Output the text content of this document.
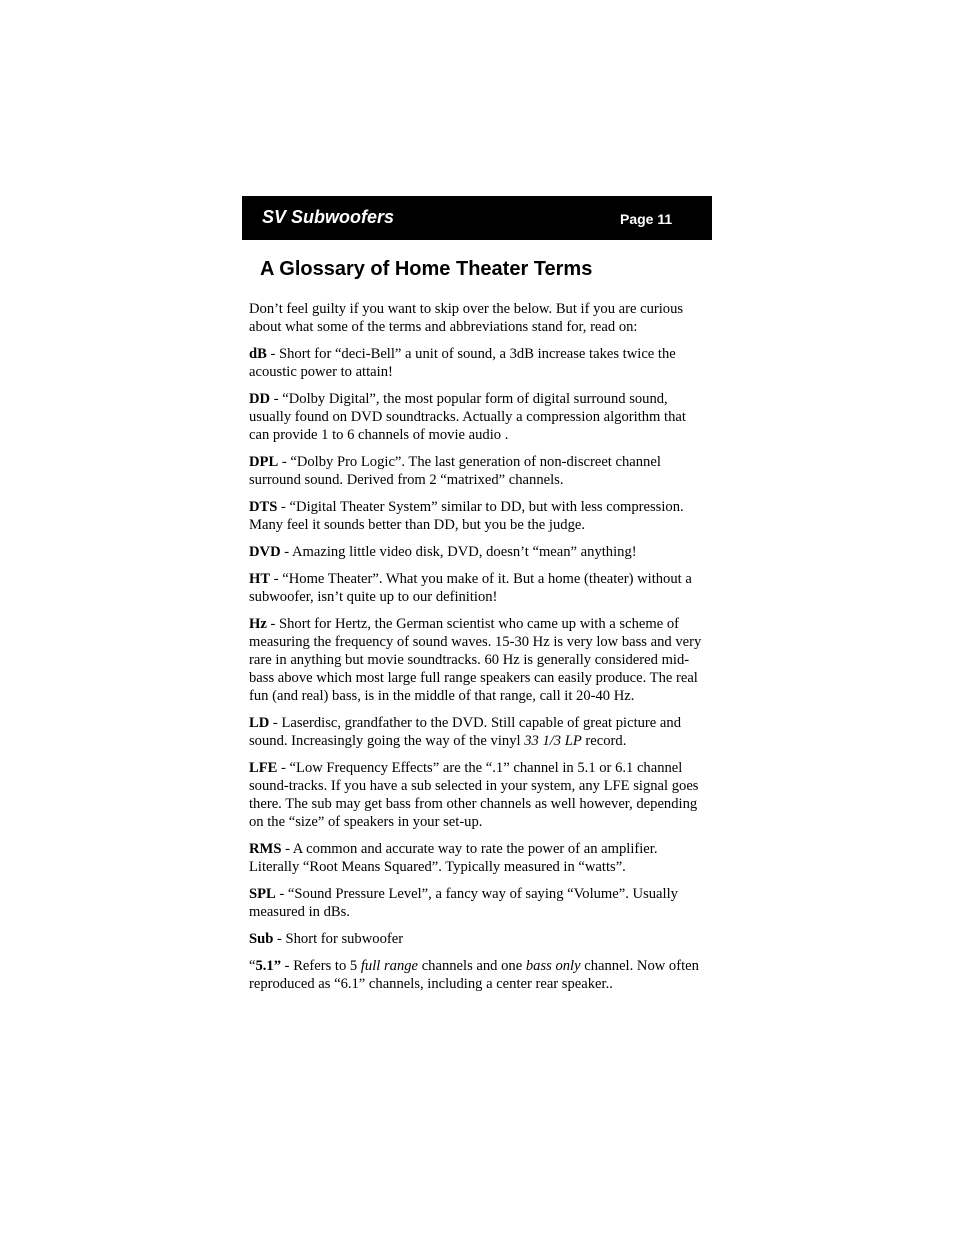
SV Subwoofers	Page 11
A Glossary of Home Theater Terms

Don’t feel guilty if you want to skip over the below. But if you are curious about what some of the terms and abbreviations stand for, read on:

dB - Short for “deci-Bell” a unit of sound, a 3dB increase takes twice the acoustic power to attain!

DD - “Dolby Digital”, the most popular form of digital surround sound, usually found on DVD soundtracks. Actually a compression algorithm that can provide 1 to 6 channels of movie audio .

DPL - “Dolby Pro Logic”. The last generation of non-discreet channel surround sound. Derived from 2 “matrixed” channels.

DTS - “Digital Theater System” similar to DD, but with less compression. Many feel it sounds better than DD, but you be the judge.

DVD - Amazing little video disk, DVD, doesn’t “mean” anything!

HT - “Home Theater”. What you make of it. But a home (theater) without a subwoofer, isn’t quite up to our definition!

Hz - Short for Hertz, the German scientist who came up with a scheme of measuring the frequency of sound waves. 15-30 Hz is very low bass and very rare in anything but movie soundtracks. 60 Hz is generally considered mid-bass above which most large full range speakers can easily produce. The real fun (and real) bass, is in the middle of that range, call it 20-40 Hz.

LD - Laserdisc, grandfather to the DVD. Still capable of great picture and sound. Increasingly going the way of the vinyl 33 1/3 LP record.

LFE - “Low Frequency Effects” are the “.1” channel in 5.1 or 6.1 channel sound-tracks. If you have a sub selected in your system, any LFE signal goes there. The sub may get bass from other channels as well however, depending on the “size” of speakers in your set-up.

RMS - A common and accurate way to rate the power of an amplifier. Literally “Root Means Squared”. Typically measured in “watts”.

SPL - “Sound Pressure Level”, a fancy way of saying “Volume”. Usually measured in dBs.

Sub - Short for subwoofer

“5.1” - Refers to 5 full range channels and one bass only channel. Now often reproduced as “6.1” channels, including a center rear speaker..
